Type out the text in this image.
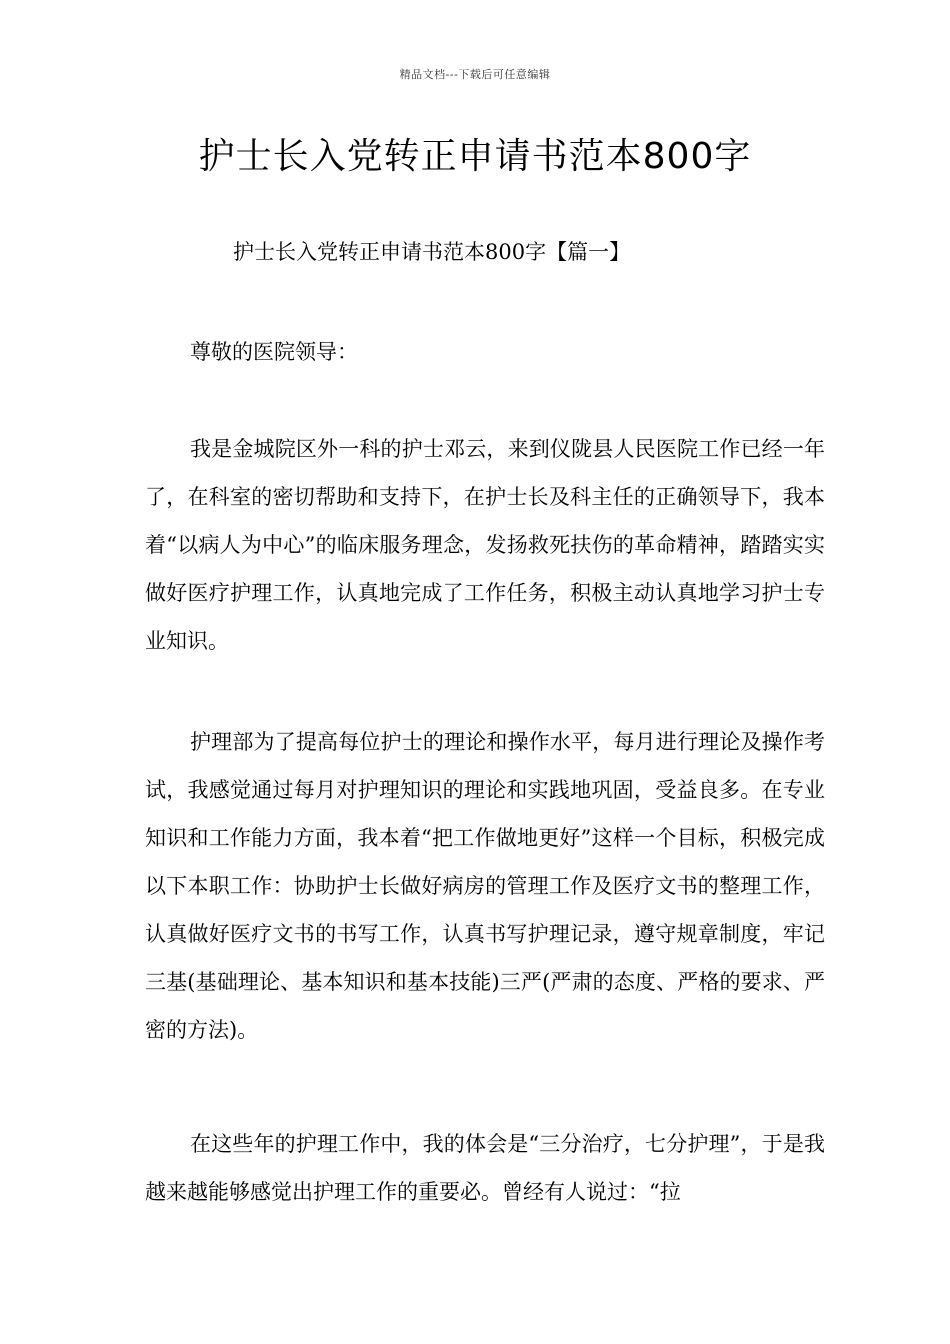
精品文档---下载后可任意编辑
护士长入党转正申请书范本800字

护士长入党转正申请书范本800字【篇一】

尊敬的医院领导：

我是金城院区外一科的护士邓云，来到仪陇县人民医院工作已经一年了，在科室的密切帮助和支持下，在护士长及科主任的正确领导下，我本着“以病人为中心”的临床服务理念，发扬救死扶伤的革命精神，踏踏实实做好医疗护理工作，认真地完成了工作任务，积极主动认真地学习护士专业知识。

护理部为了提高每位护士的理论和操作水平，每月进行理论及操作考试，我感觉通过每月对护理知识的理论和实践地巩固，受益良多。在专业知识和工作能力方面，我本着“把工作做地更好”这样一个目标，积极完成以下本职工作：协助护士长做好病房的管理工作及医疗文书的整理工作，认真做好医疗文书的书写工作，认真书写护理记录，遵守规章制度，牢记三基(基础理论、基本知识和基本技能)三严(严肃的态度、严格的要求、严密的方法)。

在这些年的护理工作中，我的体会是“三分治疗，七分护理”，于是我越来越能够感觉出护理工作的重要必。曾经有人说过：“拉
